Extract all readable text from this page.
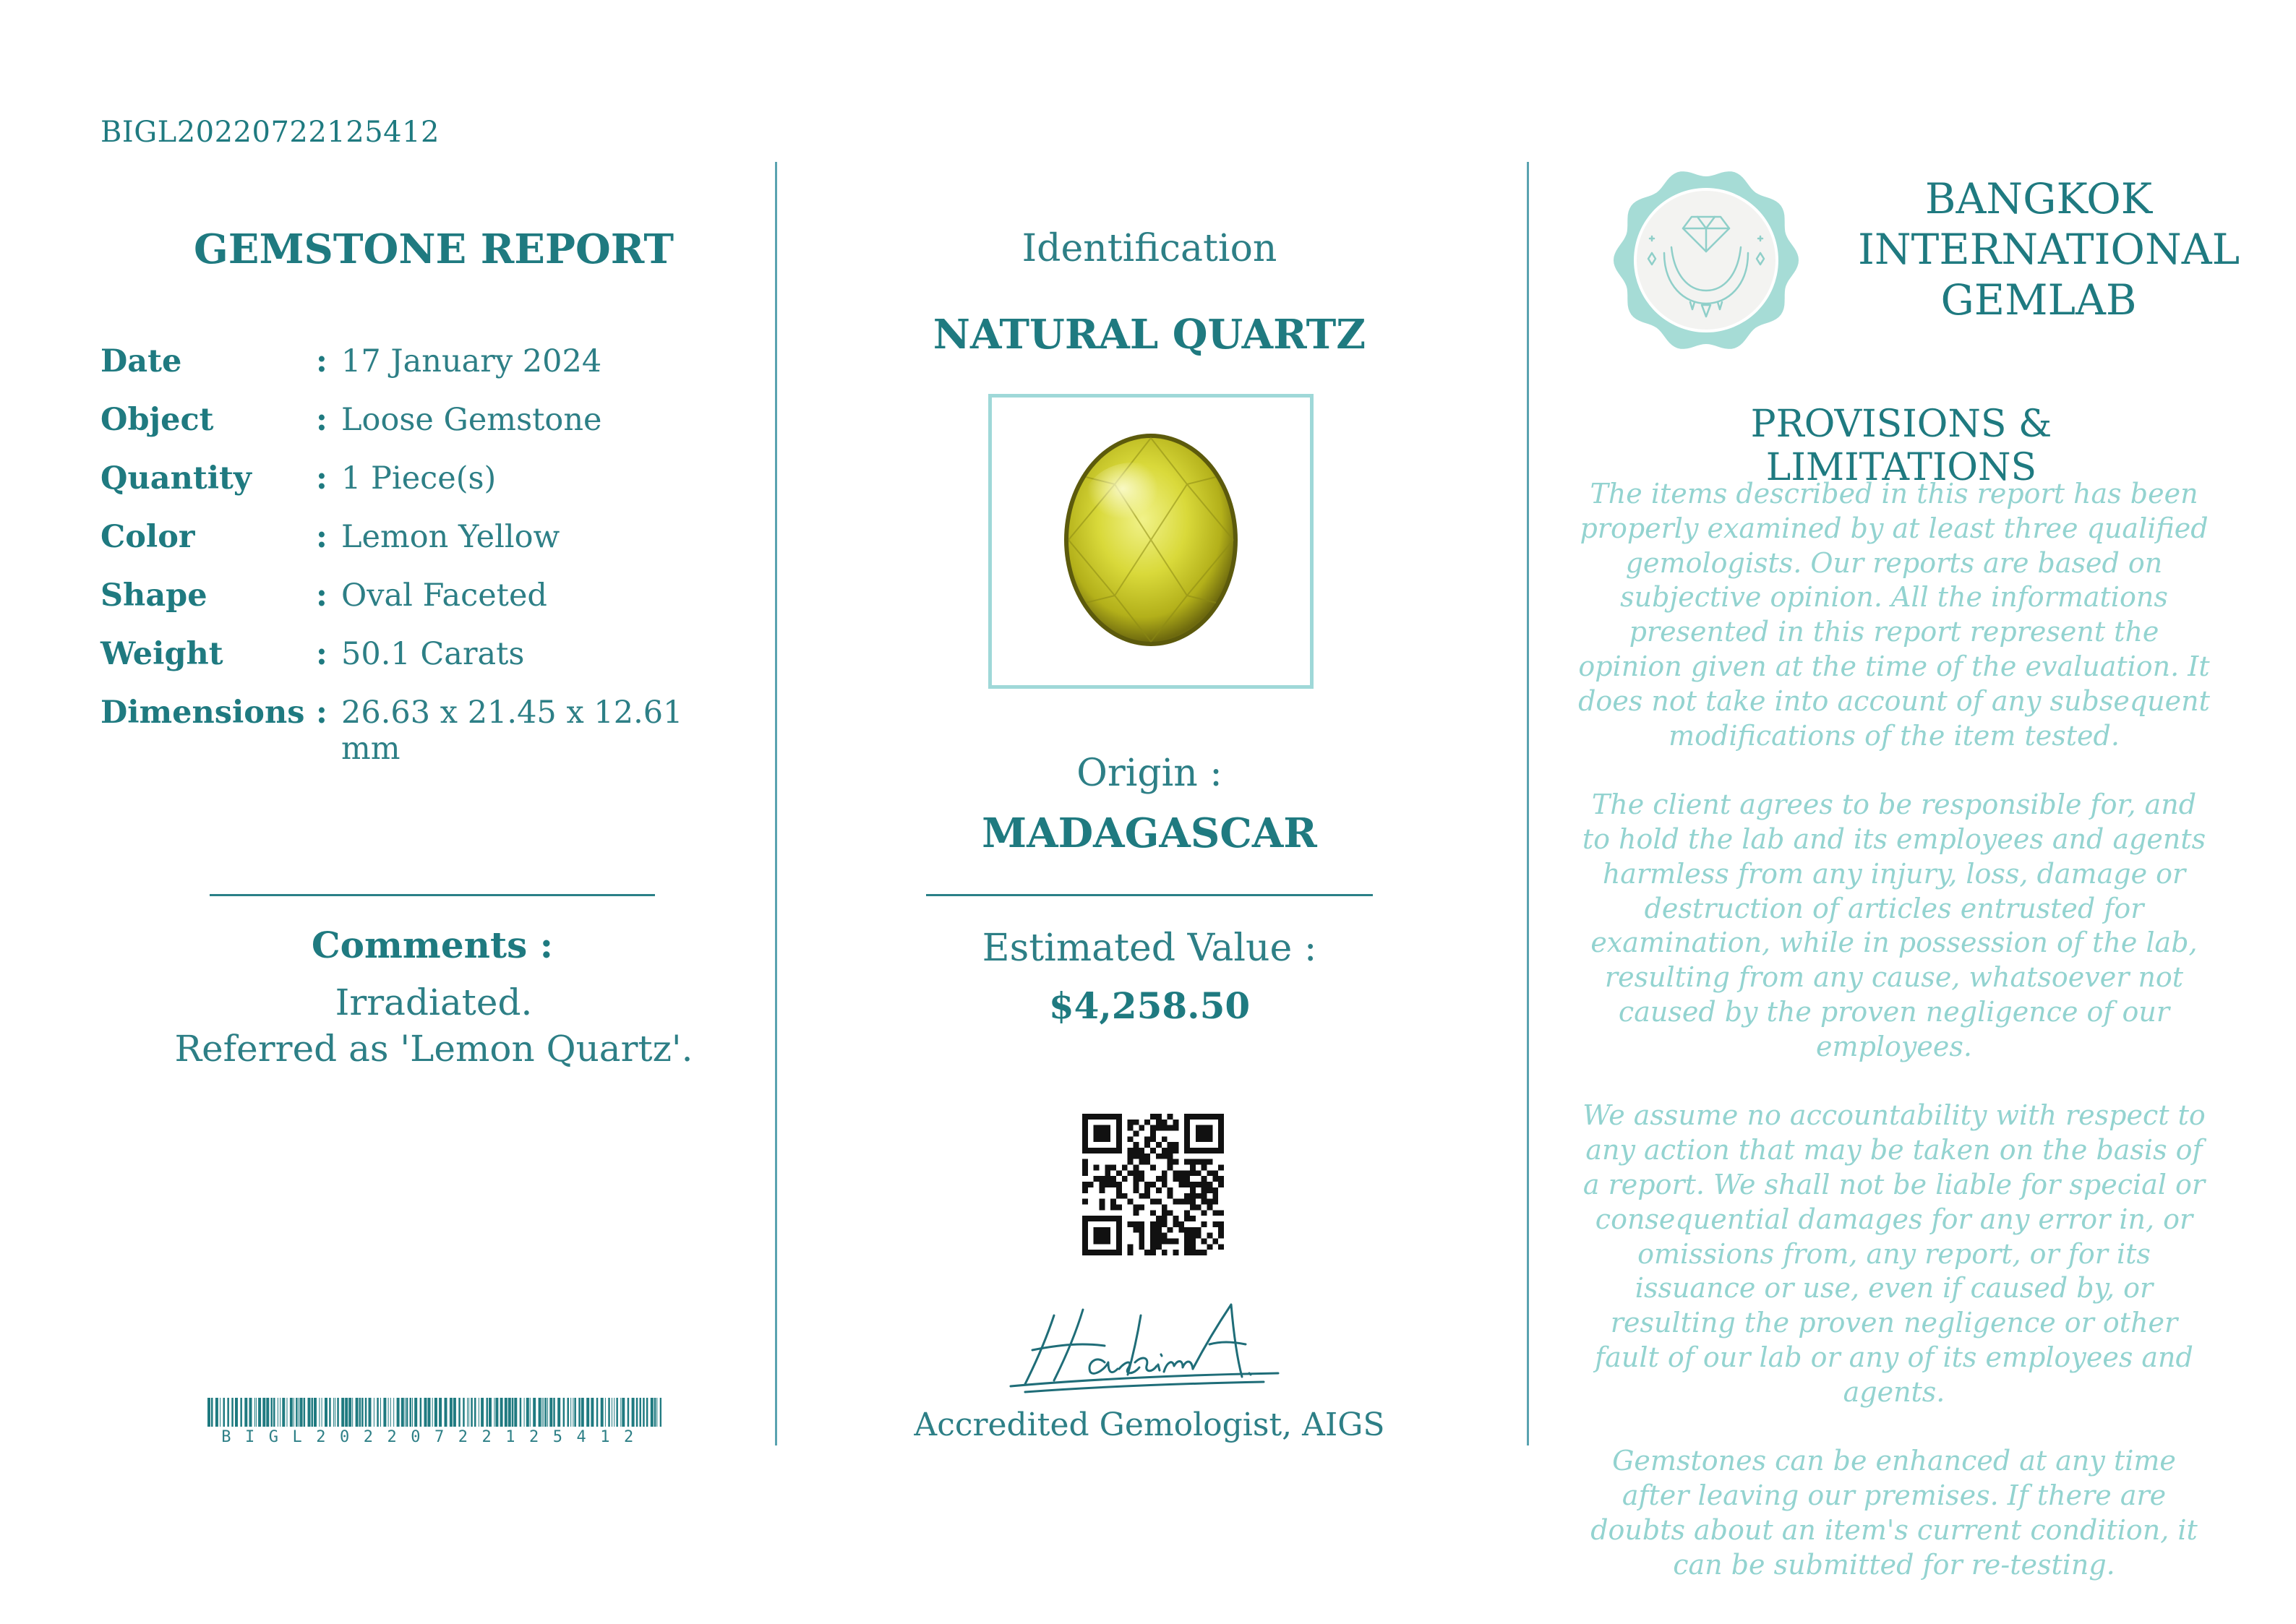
BIGL20220722125412
GEMSTONE REPORT
Date	: 17 January 2024
Object	: Loose Gemstone
Quantity : 1 Piece(s)
Color	: Lemon Yellow
Shape	: Oval Faceted
Weight	: 50.1 Carats
Dimensions : 26.63 x 21.45 x 12.61 mm
Comments :
Irradiated.
Referred as 'Lemon Quartz'.
BIGL20220722125412
Identification
NATURAL QUARTZ
Origin :
MADAGASCAR
Estimated Value :
$4,258.50
Accredited Gemologist, AIGS
BANGKOK
INTERNATIONAL
GEMLAB
PROVISIONS & LIMITATIONS

The items described in this report has been properly examined by at least three qualified gemologists. Our reports are based on subjective opinion. All the informations presented in this report represent the opinion given at the time of the evaluation. It does not take into account of any subsequent modifications of the item tested.

The client agrees to be responsible for, and to hold the lab and its employees and agents harmless from any injury, loss, damage or destruction of articles entrusted for examination, while in possession of the lab, resulting from any cause, whatsoever not caused by the proven negligence of our employees.

We assume no accountability with respect to any action that may be taken on the basis of a report. We shall not be liable for special or consequential damages for any error in, or omissions from, any report, or for its issuance or use, even if caused by, or resulting the proven negligence or other fault of our lab or any of its employees and agents.

Gemstones can be enhanced at any time after leaving our premises. If there are doubts about an item's current condition, it can be submitted for re-testing.
